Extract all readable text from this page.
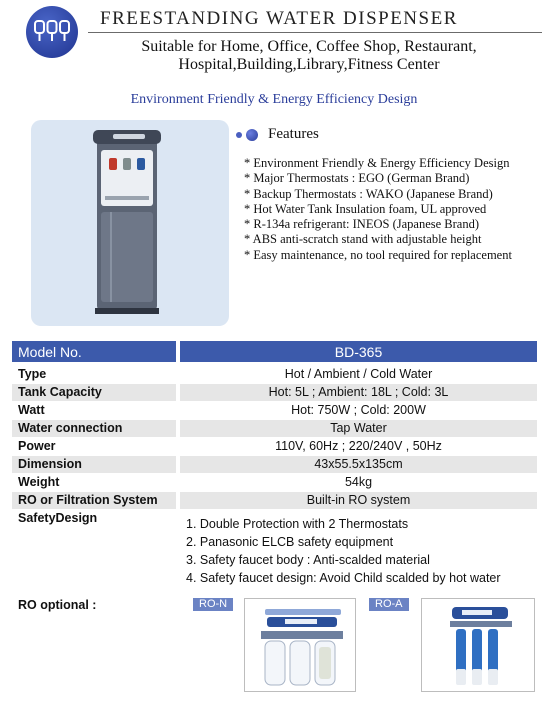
FREESTANDING WATER DISPENSER
Suitable for Home, Office, Coffee Shop, Restaurant,
Hospital,Building,Library,Fitness Center
Environment Friendly & Energy Efficiency Design
Features
* Environment Friendly & Energy Efficiency Design
* Major Thermostats : EGO (German Brand)
* Backup Thermostats : WAKO (Japanese Brand)
* Hot Water Tank Insulation foam, UL approved
* R-134a refrigerant: INEOS (Japanese Brand)
* ABS anti-scratch stand with adjustable height
* Easy maintenance, no tool required for replacement
Model No.	BD-365
Type	Hot / Ambient / Cold Water
Tank Capacity	Hot: 5L ; Ambient: 18L ; Cold: 3L
Watt	Hot: 750W ; Cold: 200W
Water connection	Tap Water
Power	110V, 60Hz ; 220/240V , 50Hz
Dimension	43x55.5x135cm
Weight	54kg
RO or Filtration System	Built-in RO system
SafetyDesign	1. Double Protection with 2 Thermostats
2. Panasonic ELCB safety equipment
3. Safety faucet body : Anti-scalded material
4. Safety faucet design: Avoid Child scalded by hot water
RO optional :	RO-N	RO-A
